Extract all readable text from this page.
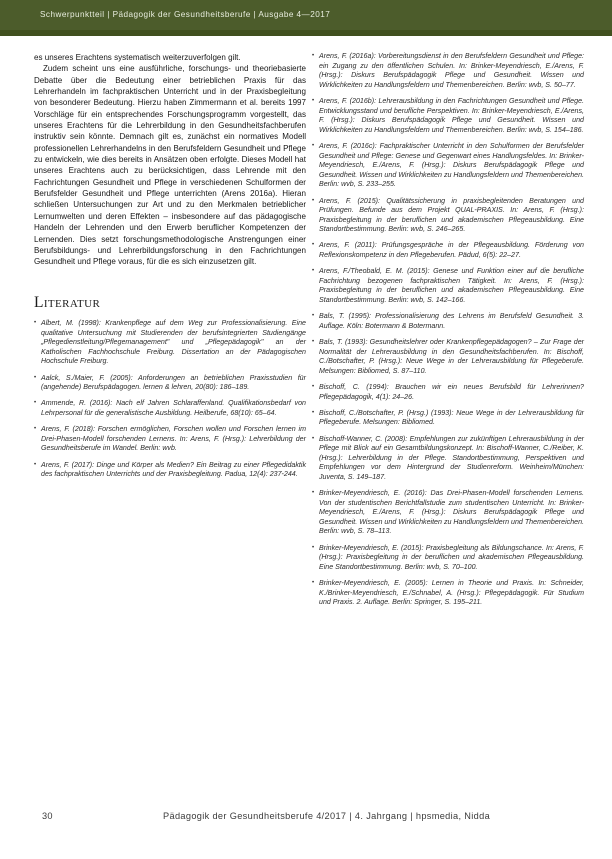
Schwerpunktteil | Pädagogik der Gesundheitsberufe | Ausgabe 4—2017

es unseres Erachtens systematisch weiterzuverfolgen gilt.

Zudem scheint uns eine ausführliche, forschungs- und theoriebasierte Debatte über die Bedeutung einer betrieblichen Praxis für das Lehrerhandeln im fachpraktischen Unterricht und in der Praxisbegleitung von besonderer Bedeutung. Hierzu haben Zimmermann et al. bereits 1997 Vorschläge für ein entsprechendes Forschungsprogramm vorgestellt, das unseres Erachtens für die Lehrerbildung in den Gesundheitsfachberufen instruktiv sein könnte. Demnach gilt es, zunächst ein normatives Modell professionellen Lehrerhandelns in den Berufsfeldern Gesundheit und Pflege zu entwickeln, wie dies bereits in Ansätzen oben erfolgte. Dieses Modell hat unseres Erachtens auch zu berücksichtigen, dass Lehrende mit den Fachrichtungen Gesundheit und Pflege in verschiedenen Schulformen der Berufsfelder Gesundheit und Pflege unterrichten (Arens 2016a). Hieran schließen Untersuchungen zur Art und zu den Merkmalen betrieblicher Lernumwelten und deren Effekten – insbesondere auf das pädagogische Handeln der Lehrenden und den Erwerb beruflicher Kompetenzen der Lernenden. Dies setzt forschungsmethodologische Anstrengungen einer Berufsbildungs- und Lehrerbildungsforschung in den Fachrichtungen Gesundheit und Pflege voraus, für die es sich einzusetzen gilt.

Literatur
• Albert, M. (1998): Krankenpflege auf dem Weg zur Professionalisierung. Eine qualitative Untersuchung mit Studierenden der berufsintegrierten Studiengänge „Pflegedienstleitung/Pflegemanagement" und „Pflegepädagogik" an der Katholischen Fachhochschule Freiburg. Dissertation an der Pädagogischen Hochschule Freiburg.
• Aalck, S./Maier, F. (2005): Anforderungen an betrieblichen Praxisstudien für (angehende) Berufspädagogen. lernen & lehren, 20(80): 186–189.
• Ammende, R. (2016): Nach elf Jahren Schlaraffenland. Qualifikationsbedarf von Lehrpersonal für die generalistische Ausbildung. Heilberufe, 68(10): 65–64.
• Arens, F. (2018): Forschen ermöglichen, Forschen wollen und Forschen lernen im Drei-Phasen-Modell forschenden Lernens. In: Arens, F. (Hrsg.): Lehrerbildung der Gesundheitsberufe im Wandel. Berlin: wvb.
• Arens, F. (2017): Dinge und Körper als Medien? Ein Beitrag zu einer Pflegedidaktik des fachpraktischen Unterrichts und der Praxisbegleitung. Padua, 12(4): 237-244.
• Arens, F. (2016a): Vorbereitungsdienst in den Berufsfeldern Gesundheit und Pflege: ein Zugang zu den öffentlichen Schulen. In: Brinker-Meyendriesch, E./Arens, F. (Hrsg.): Diskurs Berufspädagogik Pflege und Gesundheit. Wissen und Wirklichkeiten zu Handlungsfeldern und Themenbereichen. Berlin: wvb, S. 50–77.
• Arens, F. (2016b): Lehrerausbildung in den Fachrichtungen Gesundheit und Pflege. Entwicklungsstand und berufliche Perspektiven. In: Brinker-Meyendriesch, E./Arens, F. (Hrsg.): Diskurs Berufspädagogik Pflege und Gesundheit. Wissen und Wirklichkeiten zu Handlungsfeldern und Themenbereichen. Berlin: wvb, S. 154–186.
• Arens, F. (2016c): Fachpraktischer Unterricht in den Schulformen der Berufsfelder Gesundheit und Pflege: Genese und Gegenwart eines Handlungsfeldes. In: Brinker-Meyendriesch, E./Arens, F. (Hrsg.): Diskurs Berufspädagogik Pflege und Gesundheit. Wissen und Wirklichkeiten zu Handlungsfeldern und Themenbereichen. Berlin: wvb, S. 233–255.
• Arens, F. (2015): Qualitätssicherung in praxisbegleitenden Beratungen und Prüfungen. Befunde aus dem Projekt QUAL-PRAXIS. In: Arens, F. (Hrsg.): Praxisbegleitung in der beruflichen und akademischen Pflegeausbildung. Eine Standortbestimmung. Berlin: wvb, S. 246–265.
• Arens, F. (2011): Prüfungsgespräche in der Pflegeausbildung. Förderung von Reflexionskompetenz in den Pflegeberufen. Pädud, 6(5): 22–27.
• Arens, F./Theobald, E. M. (2015): Genese und Funktion einer auf die berufliche Fachrichtung bezogenen fachpraktischen Tätigkeit. In: Arens, F. (Hrsg.): Praxisbegleitung in der beruflichen und akademischen Pflegeausbildung. Eine Standortbestimmung. Berlin: wvb, S. 142–166.
• Bals, T. (1995): Professionalisierung des Lehrens im Berufsfeld Gesundheit. 3. Auflage. Köln: Botermann & Botermann.
• Bals, T. (1993): Gesundheitslehrer oder Krankenpflegepädagogen? – Zur Frage der Normalität der Lehrerausbildung in den Gesundheitsfachberufen. In: Bischoff, C./Botschafter, P. (Hrsg.): Neue Wege in der Lehrerausbildung für Pflegeberufe. Melsungen: Bibliomed, S. 87–110.
• Bischoff, C. (1994): Brauchen wir ein neues Berufsbild für Lehrerinnen? Pflegepädagogik, 4(1): 24–26.
• Bischoff, C./Botschafter, P. (Hrsg.) (1993): Neue Wege in der Lehrerausbildung für Pflegeberufe. Melsungen: Bibliomed.
• Bischoff-Wanner, C. (2008): Empfehlungen zur zukünftigen Lehrerausbildung in der Pflege mit Blick auf ein Gesamtbildungskonzept. In: Bischoff-Wanner, C./Reiber, K. (Hrsg.): Lehrerbildung in der Pflege. Standortbestimmung, Perspektiven und Empfehlungen vor dem Hintergrund der Studienreform. Weinheim/München: Juventa, S. 149–187.
• Brinker-Meyendriesch, E. (2016): Das Drei-Phasen-Modell forschenden Lernens. Von der studentischen Berichtfallstudie zum studentischen Unterricht. In: Brinker-Meyendriesch, E./Arens, F. (Hrsg.): Diskurs Berufspädagogik Pflege und Gesundheit. Wissen und Wirklichkeiten zu Handlungsfeldern und Themenbereichen. Berlin: wvb, S. 78–113.
• Brinker-Meyendriesch, E. (2015): Praxisbegleitung als Bildungschance. In: Arens, F. (Hrsg.): Praxisbegleitung in der beruflichen und akademischen Pflegeausbildung. Eine Standortbestimmung. Berlin: wvb, S. 70–100.
• Brinker-Meyendriesch, E. (2005): Lernen in Theorie und Praxis. In: Schneider, K./Brinker-Meyendriesch, E./Schnabel, A. (Hrsg.): Pflegepädagogik. Für Studium und Praxis. 2. Auflage. Berlin: Springer, S. 195–211.
30	Pädagogik der Gesundheitsberufe 4/2017 | 4. Jahrgang | hpsmedia, Nidda
